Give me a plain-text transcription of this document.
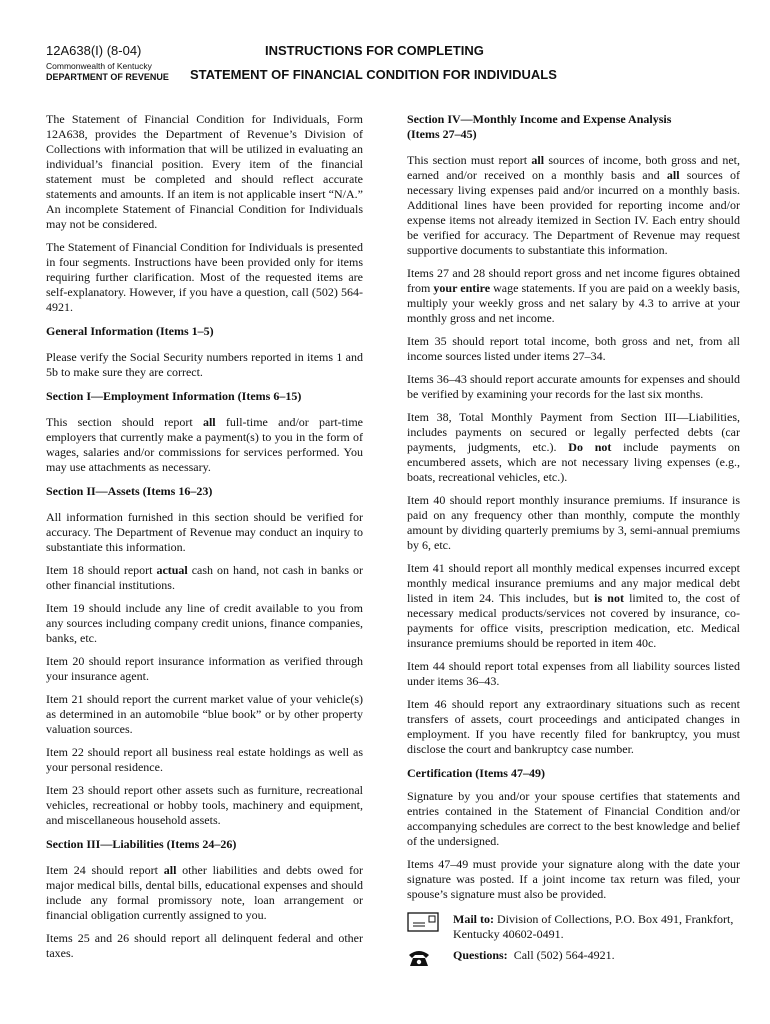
12A638(I) (8-04)
Commonwealth of Kentucky
DEPARTMENT OF REVENUE
INSTRUCTIONS FOR COMPLETING
STATEMENT OF FINANCIAL CONDITION FOR INDIVIDUALS

The Statement of Financial Condition for Individuals, Form 12A638, provides the Department of Revenue’s Division of Collections with information that will be utilized in evaluating an individual’s financial position. Every item of the financial statement must be completed and should reflect accurate statements and amounts. If an item is not applicable insert “N/A.” An incomplete Statement of Financial Condition for Individuals may not be considered.

The Statement of Financial Condition for Individuals is presented in four segments. Instructions have been provided only for items requiring further clarification. Most of the requested items are self-explanatory. However, if you have a question, call (502) 564-4921.

General Information (Items 1–5)

Please verify the Social Security numbers reported in items 1 and 5b to make sure they are correct.

Section I—Employment Information (Items 6–15)

This section should report all full-time and/or part-time employers that currently make a payment(s) to you in the form of wages, salaries and/or commissions for services performed. You may use attachments as necessary.

Section II—Assets (Items 16–23)

All information furnished in this section should be verified for accuracy. The Department of Revenue may conduct an inquiry to substantiate this information.

Item 18 should report actual cash on hand, not cash in banks or other financial institutions.

Item 19 should include any line of credit available to you from any sources including company credit unions, finance companies, banks, etc.

Item 20 should report insurance information as verified through your insurance agent.

Item 21 should report the current market value of your vehicle(s) as determined in an automobile “blue book” or by other property valuation sources.

Item 22 should report all business real estate holdings as well as your personal residence.

Item 23 should report other assets such as furniture, recreational vehicles, recreational or hobby tools, machinery and equipment, and miscellaneous household assets.

Section III—Liabilities (Items 24–26)

Item 24 should report all other liabilities and debts owed for major medical bills, dental bills, educational expenses and should include any formal promissory note, loan arrangement or financial obligation currently assigned to you.

Items 25 and 26 should report all delinquent federal and other taxes.

Section IV—Monthly Income and Expense Analysis
(Items 27–45)

This section must report all sources of income, both gross and net, earned and/or received on a monthly basis and all sources of necessary living expenses paid and/or incurred on a monthly basis. Additional lines have been provided for reporting income and/or expense items not already itemized in Section IV. Each entry should be verified for accuracy. The Department of Revenue may request supportive documents to substantiate this information.

Items 27 and 28 should report gross and net income figures obtained from your entire wage statements. If you are paid on a weekly basis, multiply your weekly gross and net salary by 4.3 to arrive at your monthly gross and net income.

Item 35 should report total income, both gross and net, from all income sources listed under items 27–34.

Items 36–43 should report accurate amounts for expenses and should be verified by examining your records for the last six months.

Item 38, Total Monthly Payment from Section III—Liabilities, includes payments on secured or legally perfected debts (car payments, judgments, etc.). Do not include payments on encumbered assets, which are not necessary living expenses (e.g., boats, recreational vehicles, etc.).

Item 40 should report monthly insurance premiums. If insurance is paid on any frequency other than monthly, compute the monthly amount by dividing quarterly premiums by 3, semi-annual premiums by 6, etc.

Item 41 should report all monthly medical expenses incurred except monthly medical insurance premiums and any major medical debt listed in item 24. This includes, but is not limited to, the cost of necessary medical products/services not covered by insurance, co-payments for office visits, prescription medication, etc. Medical insurance premiums should be reported in item 40c.

Item 44 should report total expenses from all liability sources listed under items 36–43.

Item 46 should report any extraordinary situations such as recent transfers of assets, court proceedings and anticipated changes in employment. If you have recently filed for bankruptcy, you must disclose the court and bankruptcy case number.

Certification (Items 47–49)

Signature by you and/or your spouse certifies that statements and entries contained in the Statement of Financial Condition and/or accompanying schedules are correct to the best knowledge and belief of the undersigned.

Items 47–49 must provide your signature along with the date your signature was posted. If a joint income tax return was filed, your spouse’s signature must also be provided.

Mail to: Division of Collections, P.O. Box 491, Frankfort, Kentucky 40602-0491.
Questions:  Call (502) 564-4921.
